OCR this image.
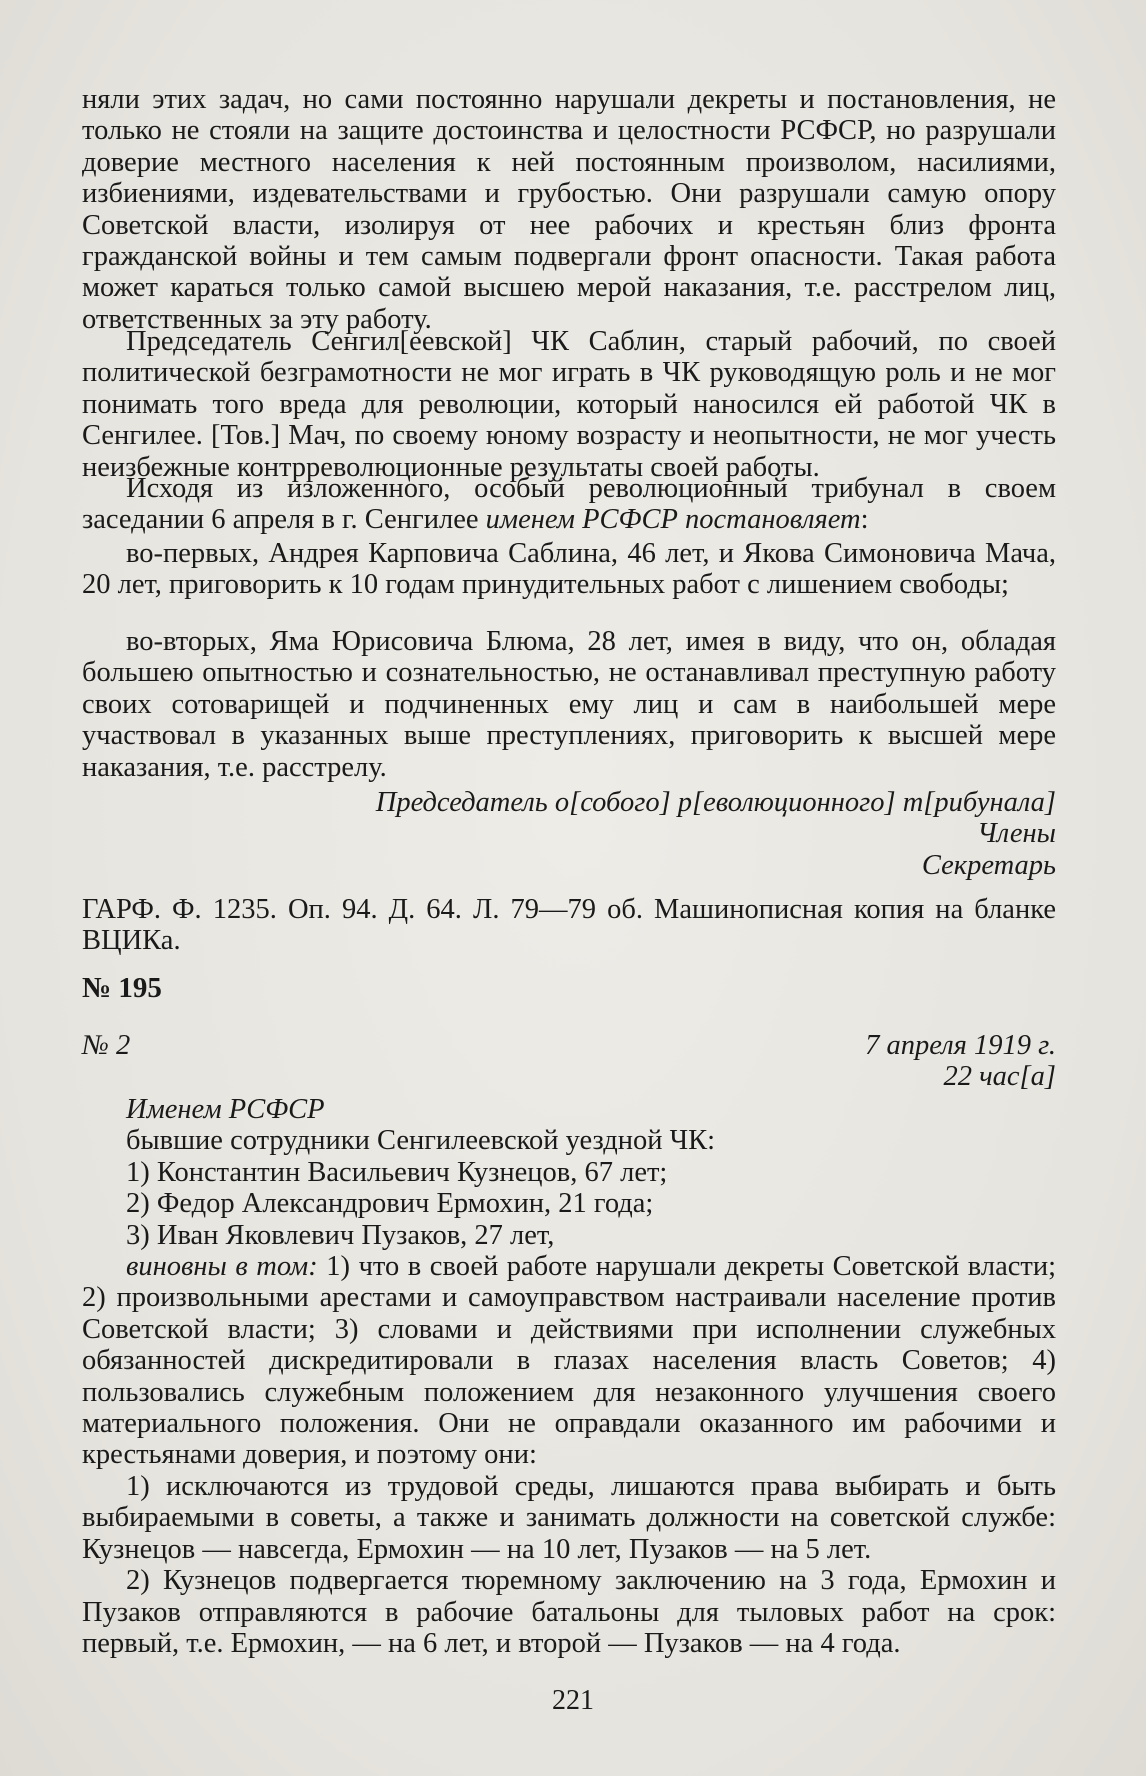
няли этих задач, но сами постоянно нарушали декреты и постановления, не только не стояли на защите достоинства и целостности РСФСР, но разрушали доверие местного населения к ней постоянным произволом, насилиями, избиениями, издевательствами и грубостью. Они разрушали самую опору Советской власти, изолируя от нее рабочих и крестьян близ фронта гражданской войны и тем самым подвергали фронт опасности. Такая работа может караться только самой высшею мерой наказания, т.е. расстрелом лиц, ответственных за эту работу.

Председатель Сенгил[еевской] ЧК Саблин, старый рабочий, по своей политической безграмотности не мог играть в ЧК руководящую роль и не мог понимать того вреда для революции, который наносился ей работой ЧК в Сенгилее. [Тов.] Мач, по своему юному возрасту и неопытности, не мог учесть неизбежные контрреволюционные результаты своей работы.

Исходя из изложенного, особый революционный трибунал в своем заседании 6 апреля в г. Сенгилее именем РСФСР постановляет:

во-первых, Андрея Карповича Саблина, 46 лет, и Якова Симоновича Мача, 20 лет, приговорить к 10 годам принудительных работ с лишением свободы;

во-вторых, Яма Юрисовича Блюма, 28 лет, имея в виду, что он, обладая большею опытностью и сознательностью, не останавливал преступную работу своих сотоварищей и подчиненных ему лиц и сам в наибольшей мере участвовал в указанных выше преступлениях, приговорить к высшей мере наказания, т.е. расстрелу.

Председатель о[собого] р[еволюционного] т[рибунала]
Члены
Секретарь

ГАРФ. Ф. 1235. Оп. 94. Д. 64. Л. 79—79 об. Машинописная копия на бланке ВЦИКа.

№ 195
№ 2	7 апреля 1919 г.
22 час[а]
Именем РСФСР
бывшие сотрудники Сенгилеевской уездной ЧК:
1) Константин Васильевич Кузнецов, 67 лет;
2) Федор Александрович Ермохин, 21 года;
3) Иван Яковлевич Пузаков, 27 лет,

виновны в том: 1) что в своей работе нарушали декреты Советской власти; 2) произвольными арестами и самоуправством настраивали население против Советской власти; 3) словами и действиями при исполнении служебных обязанностей дискредитировали в глазах населения власть Советов; 4) пользовались служебным положением для незаконного улучшения своего материального положения. Они не оправдали оказанного им рабочими и крестьянами доверия, и поэтому они:

1) исключаются из трудовой среды, лишаются права выбирать и быть выбираемыми в советы, а также и занимать должности на советской службе: Кузнецов — навсегда, Ермохин — на 10 лет, Пузаков — на 5 лет.

2) Кузнецов подвергается тюремному заключению на 3 года, Ермохин и Пузаков отправляются в рабочие батальоны для тыловых работ на срок: первый, т.е. Ермохин, — на 6 лет, и второй — Пузаков — на 4 года.

221
